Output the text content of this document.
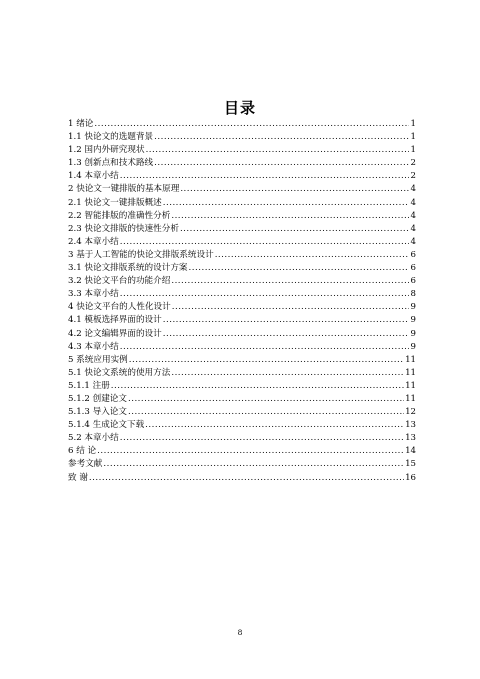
目录
1 绪论 .....	1
1.1 快论文的选题背景 .....	1
1.2 国内外研究现状 .....	1
1.3 创新点和技术路线 .....	2
1.4 本章小结 .....	2
2 快论文一键排版的基本原理 .....	4
2.1 快论文一键排版概述 .....	4
2.2 智能排版的准确性分析 .....	4
2.3 快论文排版的快速性分析 .....	4
2.4 本章小结 .....	4
3 基于人工智能的快论文排版系统设计 .....	6
3.1 快论文排版系统的设计方案 .....	6
3.2 快论文平台的功能介绍 .....	6
3.3 本章小结 .....	8
4 快论文平台的人性化设计 .....	9
4.1 模板选择界面的设计 .....	9
4.2 论文编辑界面的设计 .....	9
4.3 本章小结 .....	9
5 系统应用实例 .....	11
5.1 快论文系统的使用方法 .....	11
5.1.1 注册 .....	11
5.1.2 创建论文 .....	11
5.1.3 导入论文 .....	12
5.1.4 生成论文下载 .....	13
5.2 本章小结 .....	13
6 结 论 .....	14
参考文献 .....	15
致 谢 .....	16
8
